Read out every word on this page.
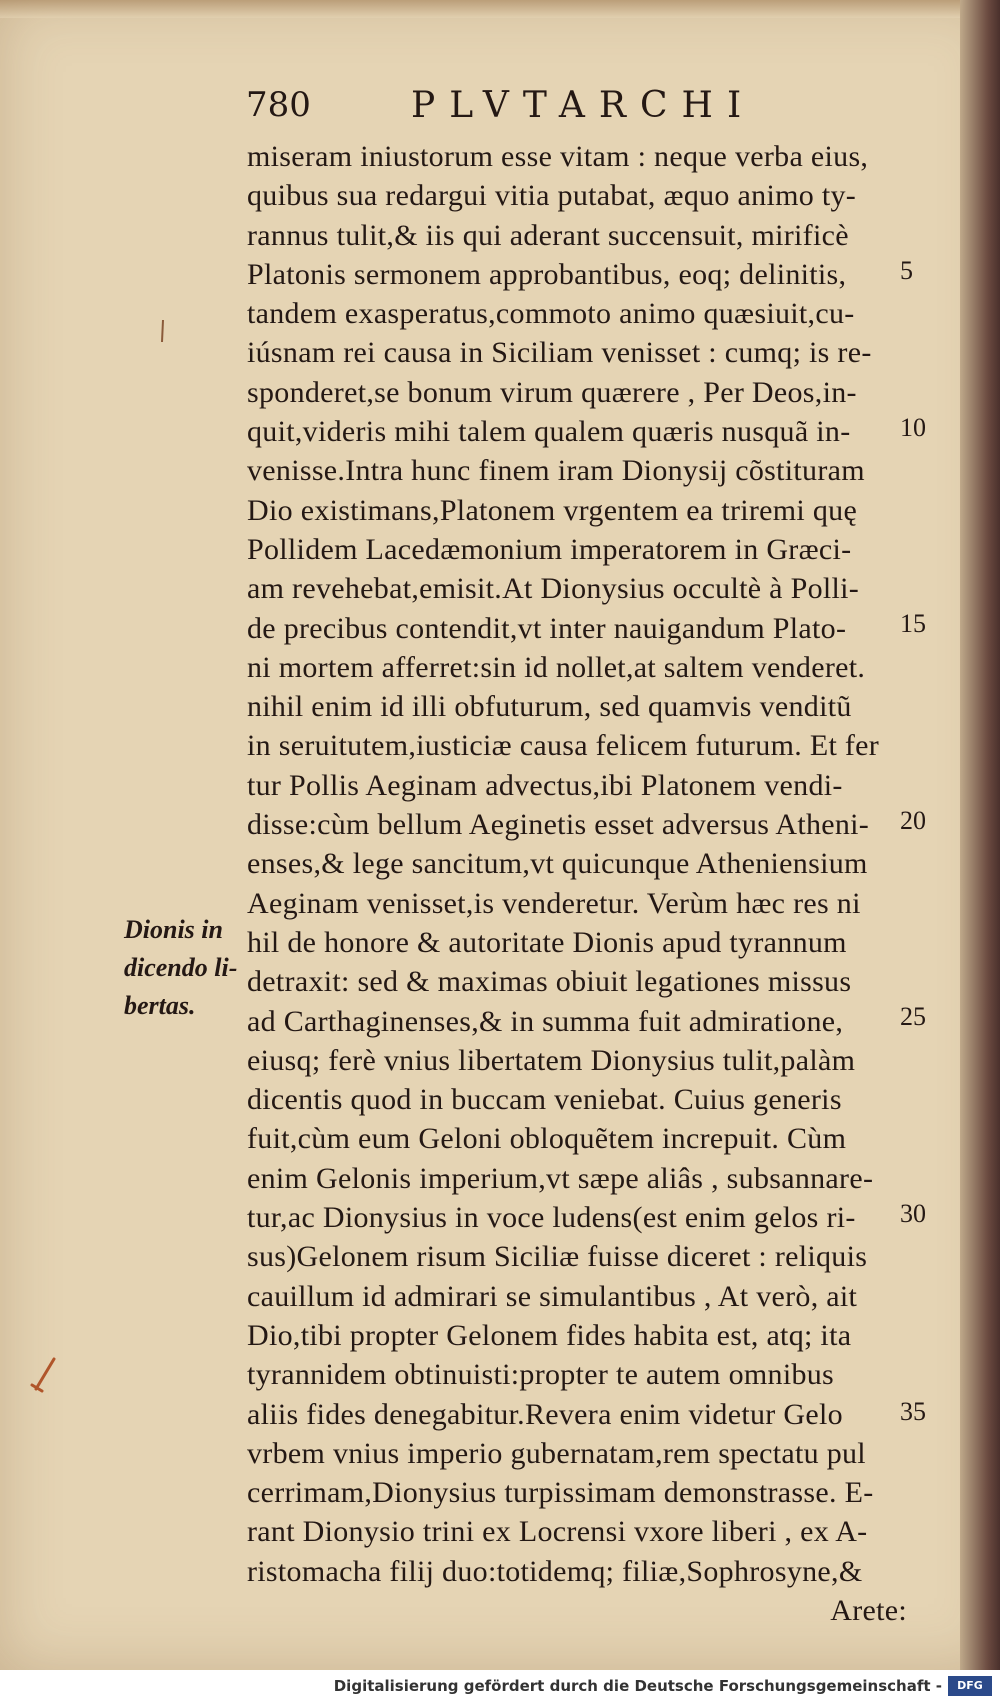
780	PLVTARCHI
miseram iniustorum esse vitam : neque verba eius,
quibus sua redargui vitia putabat, æquo animo ty-
rannus tulit,& iis qui aderant succensuit, mirificè
Platonis sermonem approbantibus, eoq; delinitis,
tandem exasperatus,commoto animo quæsiuit,cu-
iúsnam rei causa in Siciliam venisset : cumq; is re-
sponderet,se bonum virum quærere , Per Deos,in-
quit,videris mihi talem qualem quæris nusquã in-
venisse.Intra hunc finem iram Dionysij cõstituram
Dio existimans,Platonem vrgentem ea triremi quę
Pollidem Lacedæmonium imperatorem in Græci-
am revehebat,emisit.At Dionysius occultè à Polli-
de precibus contendit,vt inter nauigandum Plato-
ni mortem afferret:sin id nollet,at saltem venderet.
nihil enim id illi obfuturum, sed quamvis venditũ
in seruitutem,iusticiæ causa felicem futurum. Et fer
tur Pollis Aeginam advectus,ibi Platonem vendi-
disse:cùm bellum Aeginetis esset adversus Atheni-
enses,& lege sancitum,vt quicunque Atheniensium
Aeginam venisset,is venderetur. Verùm hæc res ni
hil de honore & autoritate Dionis apud tyrannum
detraxit: sed & maximas obiuit legationes missus
ad Carthaginenses,& in summa fuit admiratione,
eiusq; ferè vnius libertatem Dionysius tulit,palàm
dicentis quod in buccam veniebat. Cuius generis
fuit,cùm eum Geloni obloquẽtem increpuit. Cùm
enim Gelonis imperium,vt sæpe aliâs , subsannare-
tur,ac Dionysius in voce ludens(est enim gelos ri-
sus)Gelonem risum Siciliæ fuisse diceret : reliquis
cauillum id admirari se simulantibus , At verò, ait
Dio,tibi propter Gelonem fides habita est, atq; ita
tyrannidem obtinuisti:propter te autem omnibus
aliis fides denegabitur.Revera enim videtur Gelo
vrbem vnius imperio gubernatam,rem spectatu pul
cerrimam,Dionysius turpissimam demonstrasse. E-
rant Dionysio trini ex Locrensi vxore liberi , ex A-
ristomacha filij duo:totidemq; filiæ,Sophrosyne,&
Arete:
5
10
15
20
25
30
35
Dionis in
dicendo li-
bertas.
Digitalisierung gefördert durch die Deutsche Forschungsgemeinschaft -	DFG
